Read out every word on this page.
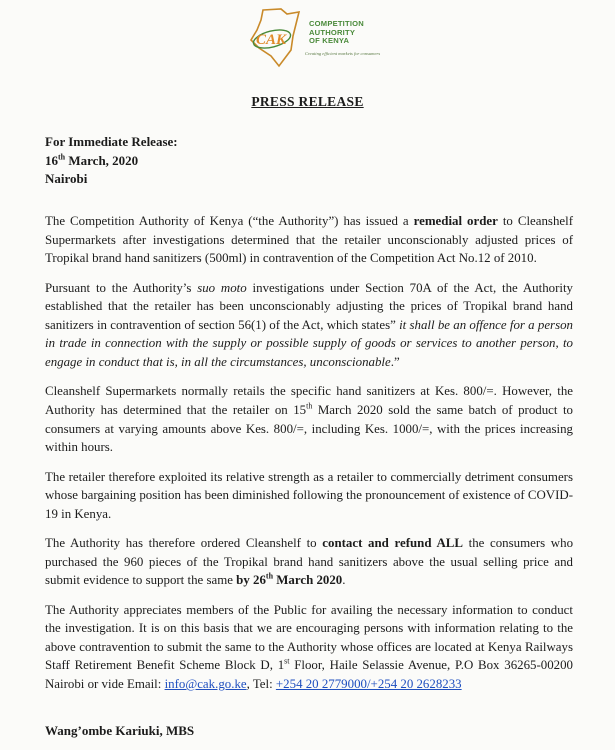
CAK
COMPETITION
AUTHORITY
OF KENYA
Creating efficient markets for consumers
PRESS RELEASE
For Immediate Release:
16th March, 2020
Nairobi

The Competition Authority of Kenya (“the Authority”) has issued a remedial order to Cleanshelf Supermarkets after investigations determined that the retailer unconscionably adjusted prices of Tropikal brand hand sanitizers (500ml) in contravention of the Competition Act No.12 of 2010.

Pursuant to the Authority’s suo moto investigations under Section 70A of the Act, the Authority established that the retailer has been unconscionably adjusting the prices of Tropikal brand hand sanitizers in contravention of section 56(1) of the Act, which states” it shall be an offence for a person in trade in connection with the supply or possible supply of goods or services to another person, to engage in conduct that is, in all the circumstances, unconscionable.”

Cleanshelf Supermarkets normally retails the specific hand sanitizers at Kes. 800/=. However, the Authority has determined that the retailer on 15th March 2020 sold the same batch of product to consumers at varying amounts above Kes. 800/=, including Kes. 1000/=, with the prices increasing within hours.

The retailer therefore exploited its relative strength as a retailer to commercially detriment consumers whose bargaining position has been diminished following the pronouncement of existence of COVID-19 in Kenya.

The Authority has therefore ordered Cleanshelf to contact and refund ALL the consumers who purchased the 960 pieces of the Tropikal brand hand sanitizers above the usual selling price and submit evidence to support the same by 26th March 2020.

The Authority appreciates members of the Public for availing the necessary information to conduct the investigation. It is on this basis that we are encouraging persons with information relating to the above contravention to submit the same to the Authority whose offices are located at Kenya Railways Staff Retirement Benefit Scheme Block D, 1st Floor, Haile Selassie Avenue, P.O Box 36265-00200 Nairobi or vide Email: info@cak.go.ke, Tel: +254 20 2779000/+254 20 2628233

Wang’ombe Kariuki, MBS
